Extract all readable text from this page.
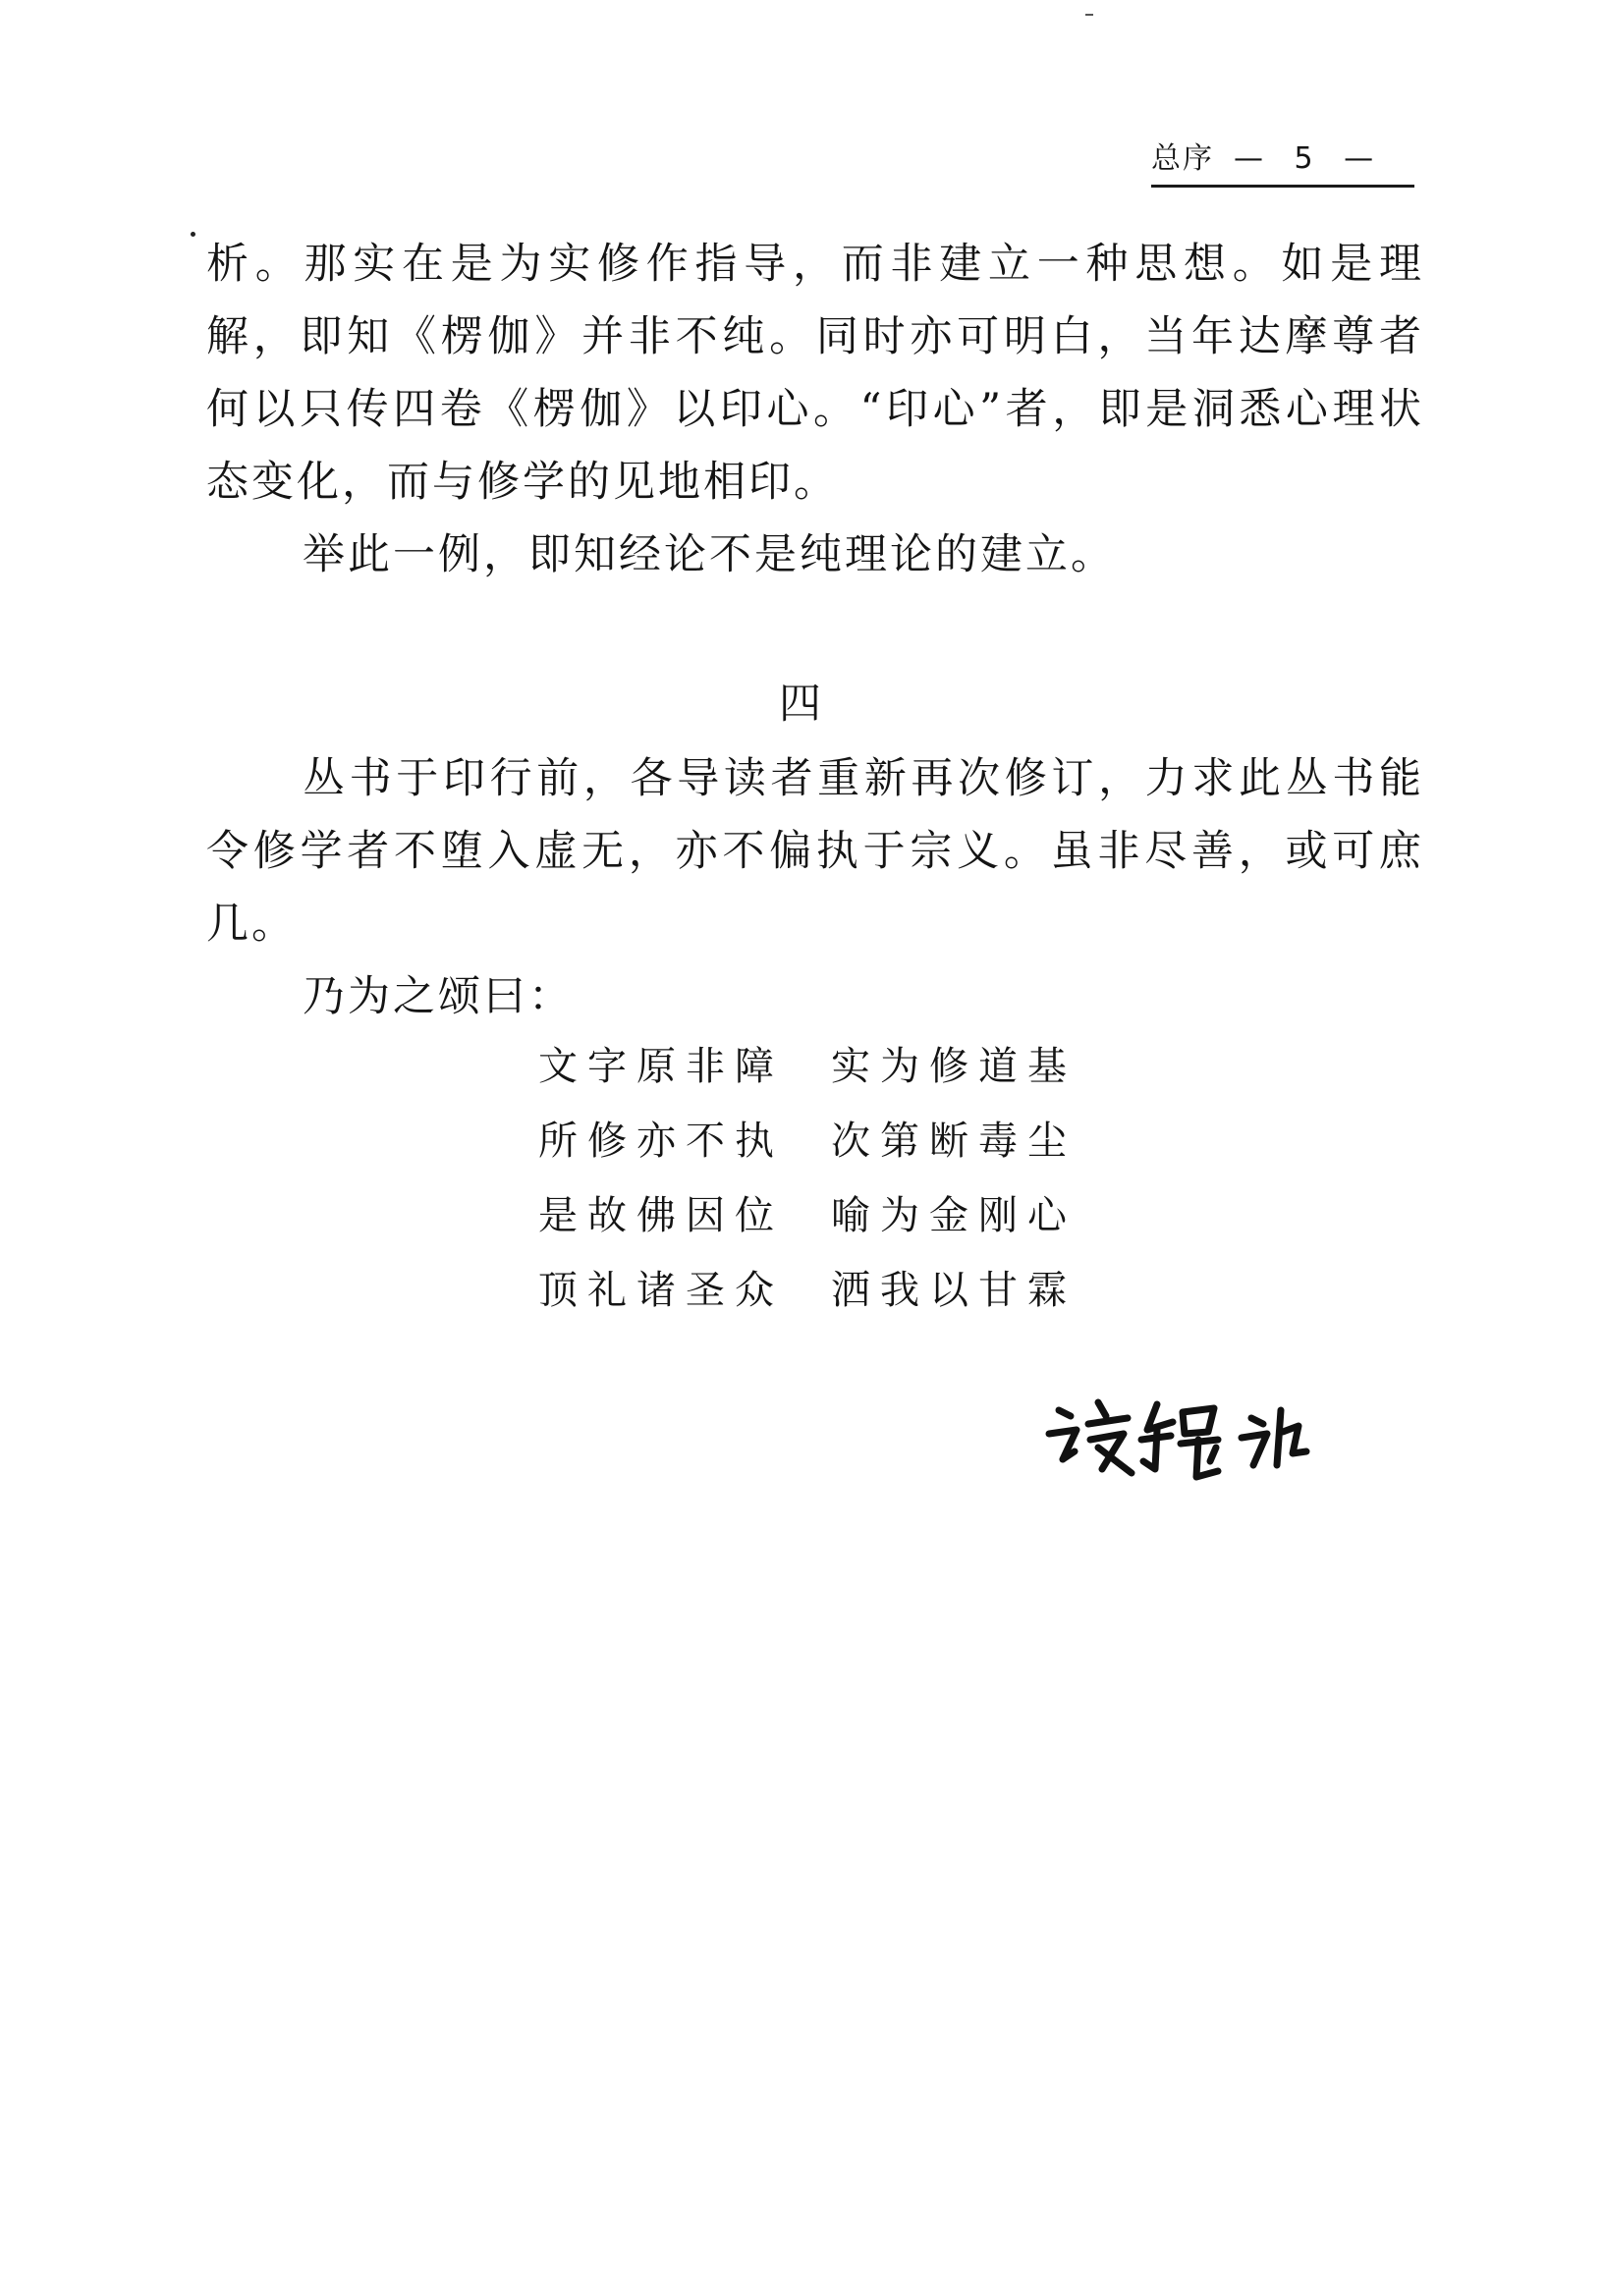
总序 — 5 —

析。那实在是为实修作指导，而非建立一种思想。如是理解，即知《楞伽》并非不纯。同时亦可明白，当年达摩尊者何以只传四卷《楞伽》以印心。“印心”者，即是洞悉心理状态变化，而与修学的见地相印。

举此一例，即知经论不是纯理论的建立。

四

丛书于印行前，各导读者重新再次修订，力求此丛书能令修学者不堕入虚无，亦不偏执于宗义。虽非尽善，或可庶几。

乃为之颂曰：

文字原非障 实为修道基
所修亦不执 次第断毒尘
是故佛因位 喻为金刚心
顶礼诸圣众 洒我以甘霖
谈锡永
